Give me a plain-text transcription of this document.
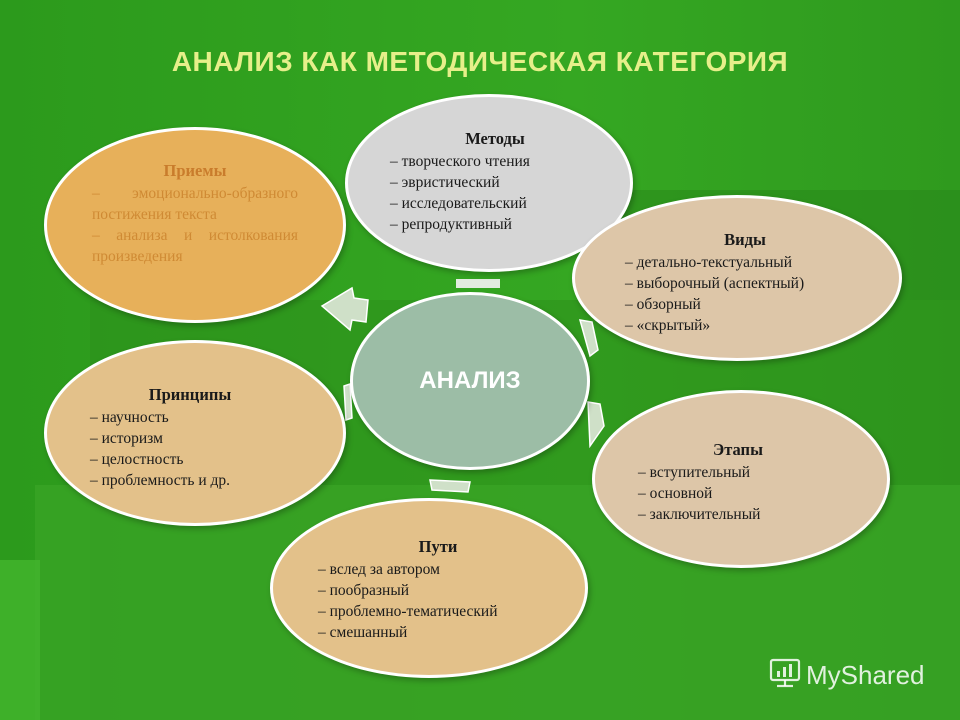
АНАЛИЗ КАК МЕТОДИЧЕСКАЯ КАТЕГОРИЯ
АНАЛИЗ
Методы
– творческого чтения
– эвристический
– исследовательский
– репродуктивный
Приемы
– эмоционально-образного постижения текста
– анализа и истолкования произведения
Виды
– детально-текстуальный
– выборочный (аспектный)
– обзорный
– «скрытый»
Этапы
– вступительный
– основной
– заключительный
Пути
– вслед за автором
– пообразный
– проблемно-тематический
– смешанный
Принципы
– научность
– историзм
– целостность
– проблемность и др.
MyShared
